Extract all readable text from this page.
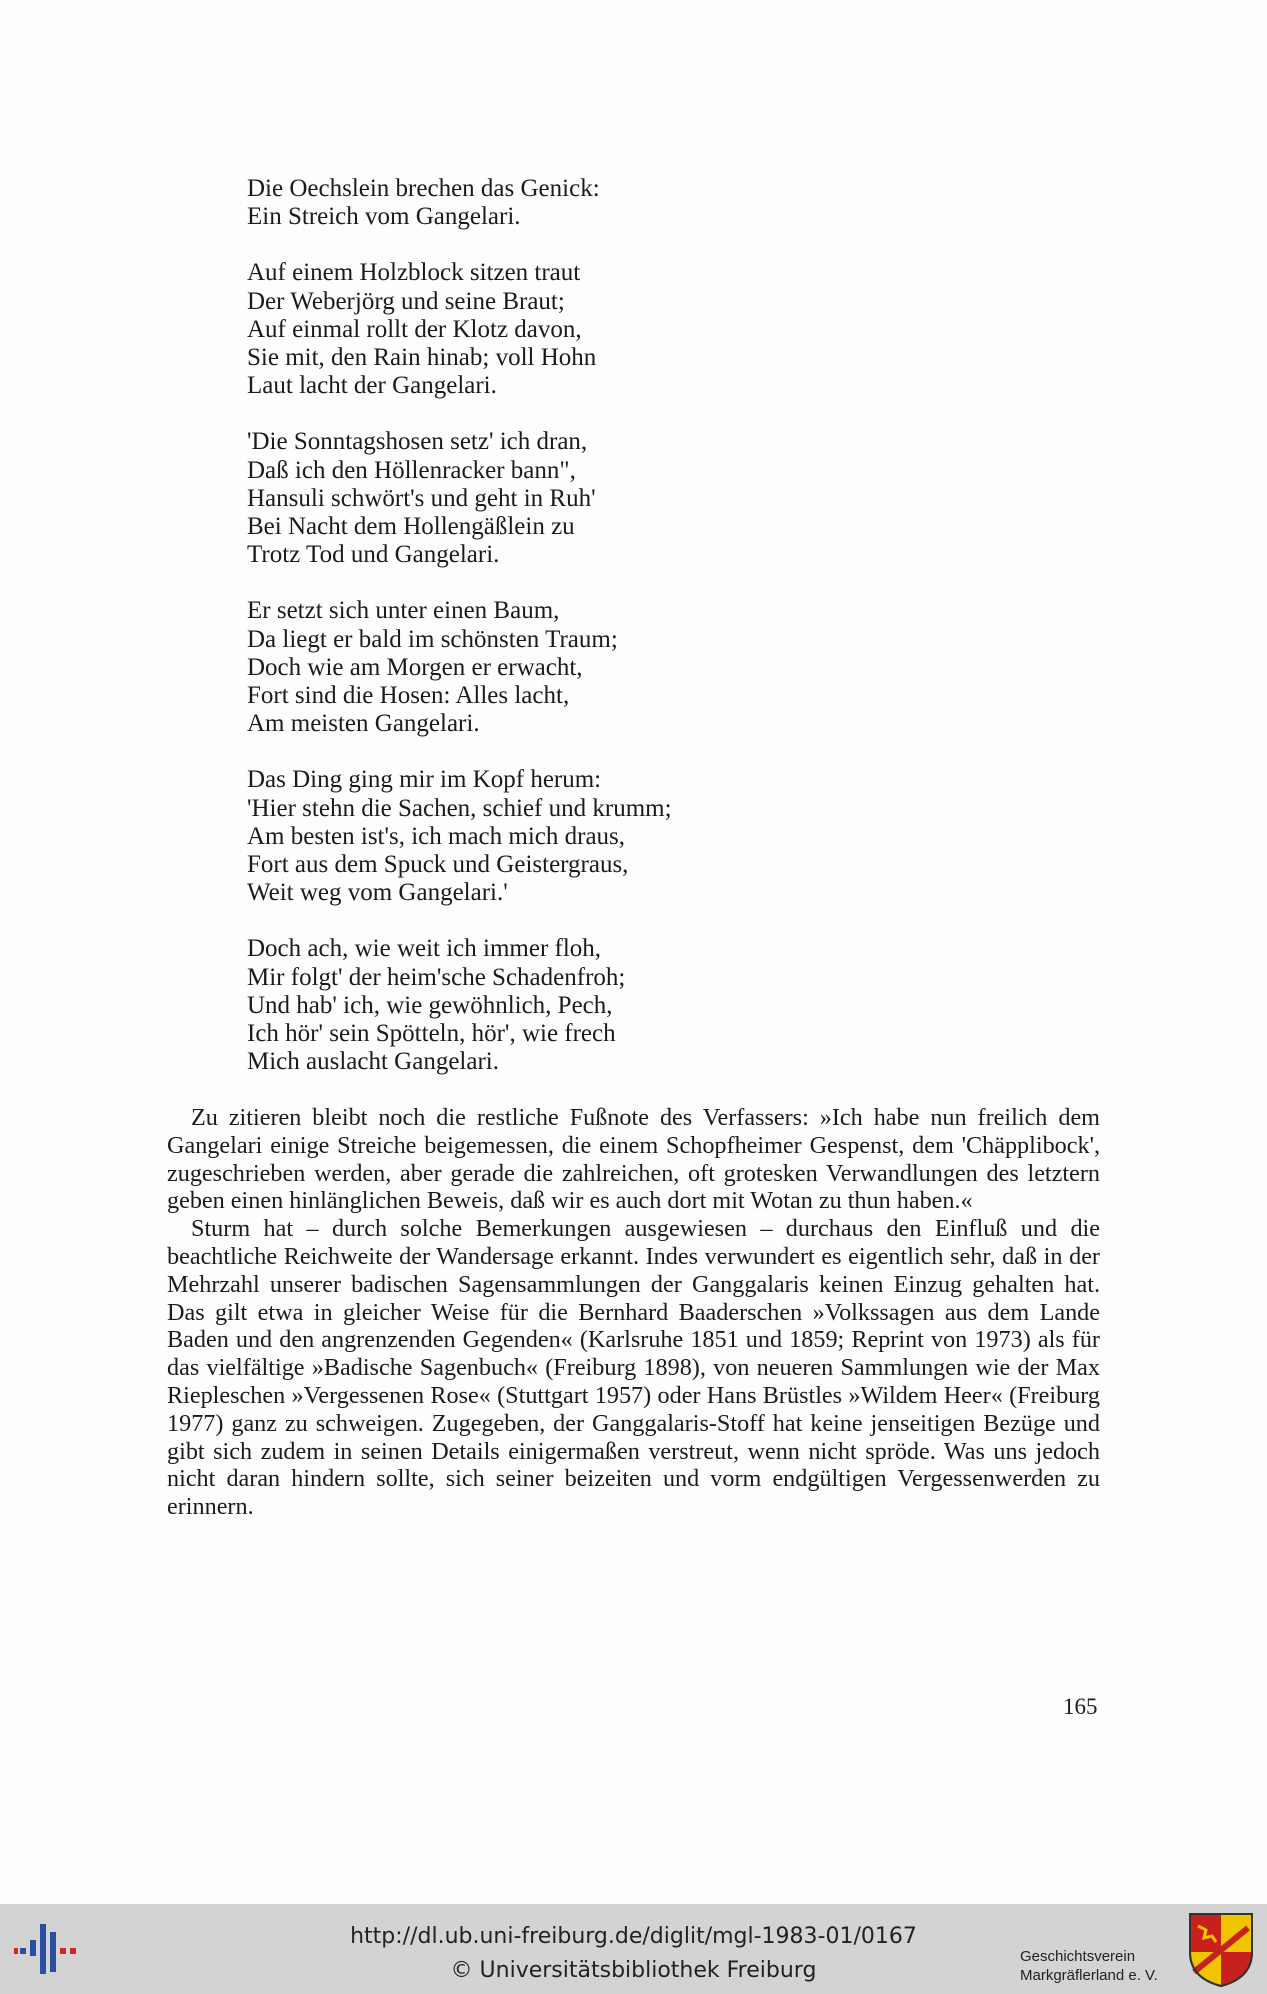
Die Oechslein brechen das Genick:
Ein Streich vom Gangelari.
Auf einem Holzblock sitzen traut
Der Weberjörg und seine Braut;
Auf einmal rollt der Klotz davon,
Sie mit, den Rain hinab; voll Hohn
Laut lacht der Gangelari.
'Die Sonntagshosen setz' ich dran,
Daß ich den Höllenracker bann",
Hansuli schwört's und geht in Ruh'
Bei Nacht dem Hollengäßlein zu
Trotz Tod und Gangelari.
Er setzt sich unter einen Baum,
Da liegt er bald im schönsten Traum;
Doch wie am Morgen er erwacht,
Fort sind die Hosen: Alles lacht,
Am meisten Gangelari.
Das Ding ging mir im Kopf herum:
'Hier stehn die Sachen, schief und krumm;
Am besten ist's, ich mach mich draus,
Fort aus dem Spuck und Geistergraus,
Weit weg vom Gangelari.'
Doch ach, wie weit ich immer floh,
Mir folgt' der heim'sche Schadenfroh;
Und hab' ich, wie gewöhnlich, Pech,
Ich hör' sein Spötteln, hör', wie frech
Mich auslacht Gangelari.

Zu zitieren bleibt noch die restliche Fußnote des Verfassers: »Ich habe nun freilich dem Gangelari einige Streiche beigemessen, die einem Schopfheimer Gespenst, dem 'Chäpplibock', zugeschrieben werden, aber gerade die zahlreichen, oft grotesken Verwandlungen des letztern geben einen hinlänglichen Beweis, daß wir es auch dort mit Wotan zu thun haben.«

Sturm hat – durch solche Bemerkungen ausgewiesen – durchaus den Einfluß und die beachtliche Reichweite der Wandersage erkannt. Indes verwundert es eigentlich sehr, daß in der Mehrzahl unserer badischen Sagensammlungen der Ganggalaris keinen Einzug gehalten hat. Das gilt etwa in gleicher Weise für die Bernhard Baaderschen »Volkssagen aus dem Lande Baden und den angrenzenden Gegenden« (Karlsruhe 1851 und 1859; Reprint von 1973) als für das vielfältige »Badische Sagenbuch« (Freiburg 1898), von neueren Sammlungen wie der Max Riepleschen »Vergessenen Rose« (Stuttgart 1957) oder Hans Brüstles »Wildem Heer« (Freiburg 1977) ganz zu schweigen. Zugegeben, der Ganggalaris-Stoff hat keine jenseitigen Bezüge und gibt sich zudem in seinen Details einigermaßen verstreut, wenn nicht spröde. Was uns jedoch nicht daran hindern sollte, sich seiner beizeiten und vorm endgültigen Vergessenwerden zu erinnern.

165
http://dl.ub.uni-freiburg.de/diglit/mgl-1983-01/0167
© Universitätsbibliothek Freiburg
Geschichtsverein
Markgräflerland e. V.
